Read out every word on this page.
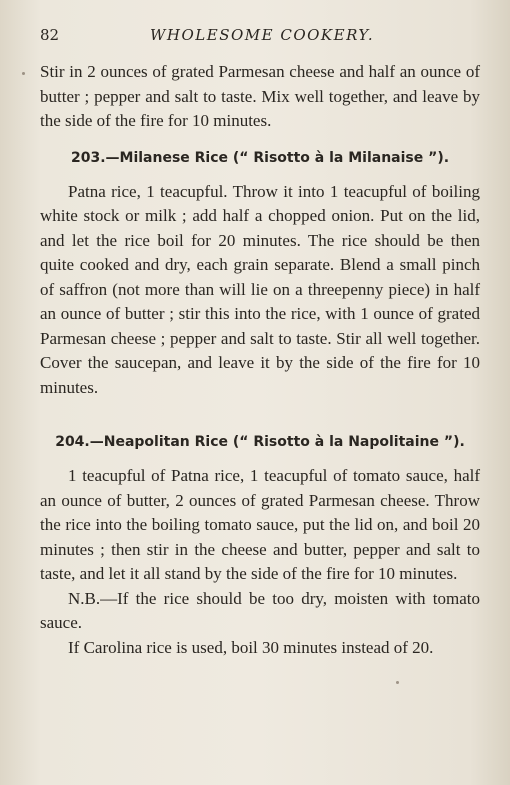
82	WHOLESOME COOKERY.

Stir in 2 ounces of grated Parmesan cheese and half an ounce of butter ; pepper and salt to taste. Mix well together, and leave by the side of the fire for 10 minutes.

203.—Milanese Rice (“ Risotto à la Milanaise ”).

Patna rice, 1 teacupful. Throw it into 1 teacupful of boiling white stock or milk ; add half a chopped onion. Put on the lid, and let the rice boil for 20 minutes. The rice should be then quite cooked and dry, each grain separate. Blend a small pinch of saffron (not more than will lie on a threepenny piece) in half an ounce of butter ; stir this into the rice, with 1 ounce of grated Parmesan cheese ; pepper and salt to taste. Stir all well together. Cover the saucepan, and leave it by the side of the fire for 10 minutes.

204.—Neapolitan Rice (“ Risotto à la Napolitaine ”).

1 teacupful of Patna rice, 1 teacupful of tomato sauce, half an ounce of butter, 2 ounces of grated Parmesan cheese. Throw the rice into the boiling tomato sauce, put the lid on, and boil 20 minutes ; then stir in the cheese and butter, pepper and salt to taste, and let it all stand by the side of the fire for 10 minutes.

N.B.—If the rice should be too dry, moisten with tomato sauce.

If Carolina rice is used, boil 30 minutes instead of 20.
